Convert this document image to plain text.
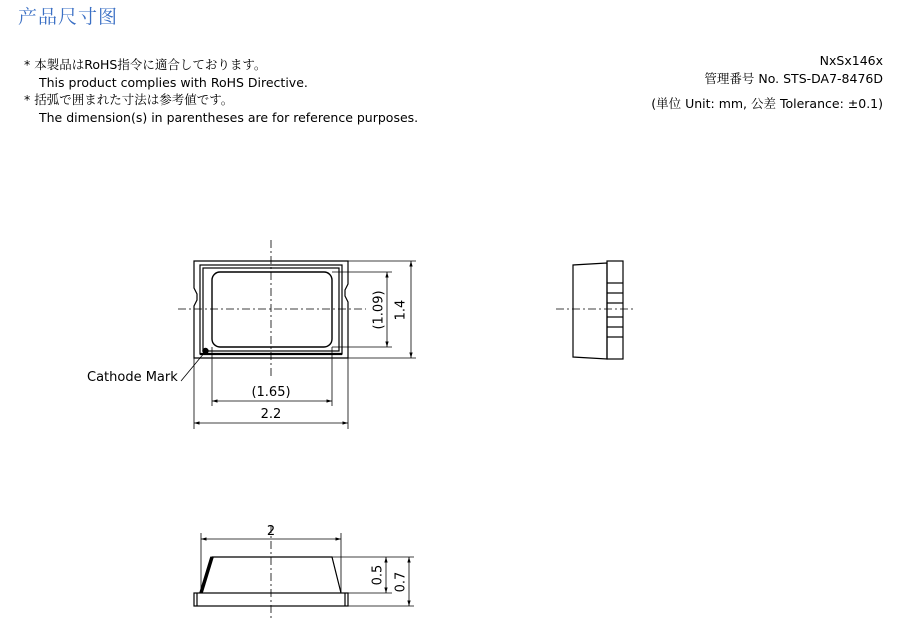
产品尺寸图
* 本製品はRoHS指令に適合しております。
This product complies with RoHS Directive.
* 括弧で囲まれた寸法は参考値です。
The dimension(s) in parentheses are for reference purposes.
NxSx146x
管理番号 No. STS-DA7-8476D
(単位 Unit: mm, 公差 Tolerance: ±0.1)
(1.09) 1.4
(1.65)
2.2
Cathode Mark
2
0.5 0.7
